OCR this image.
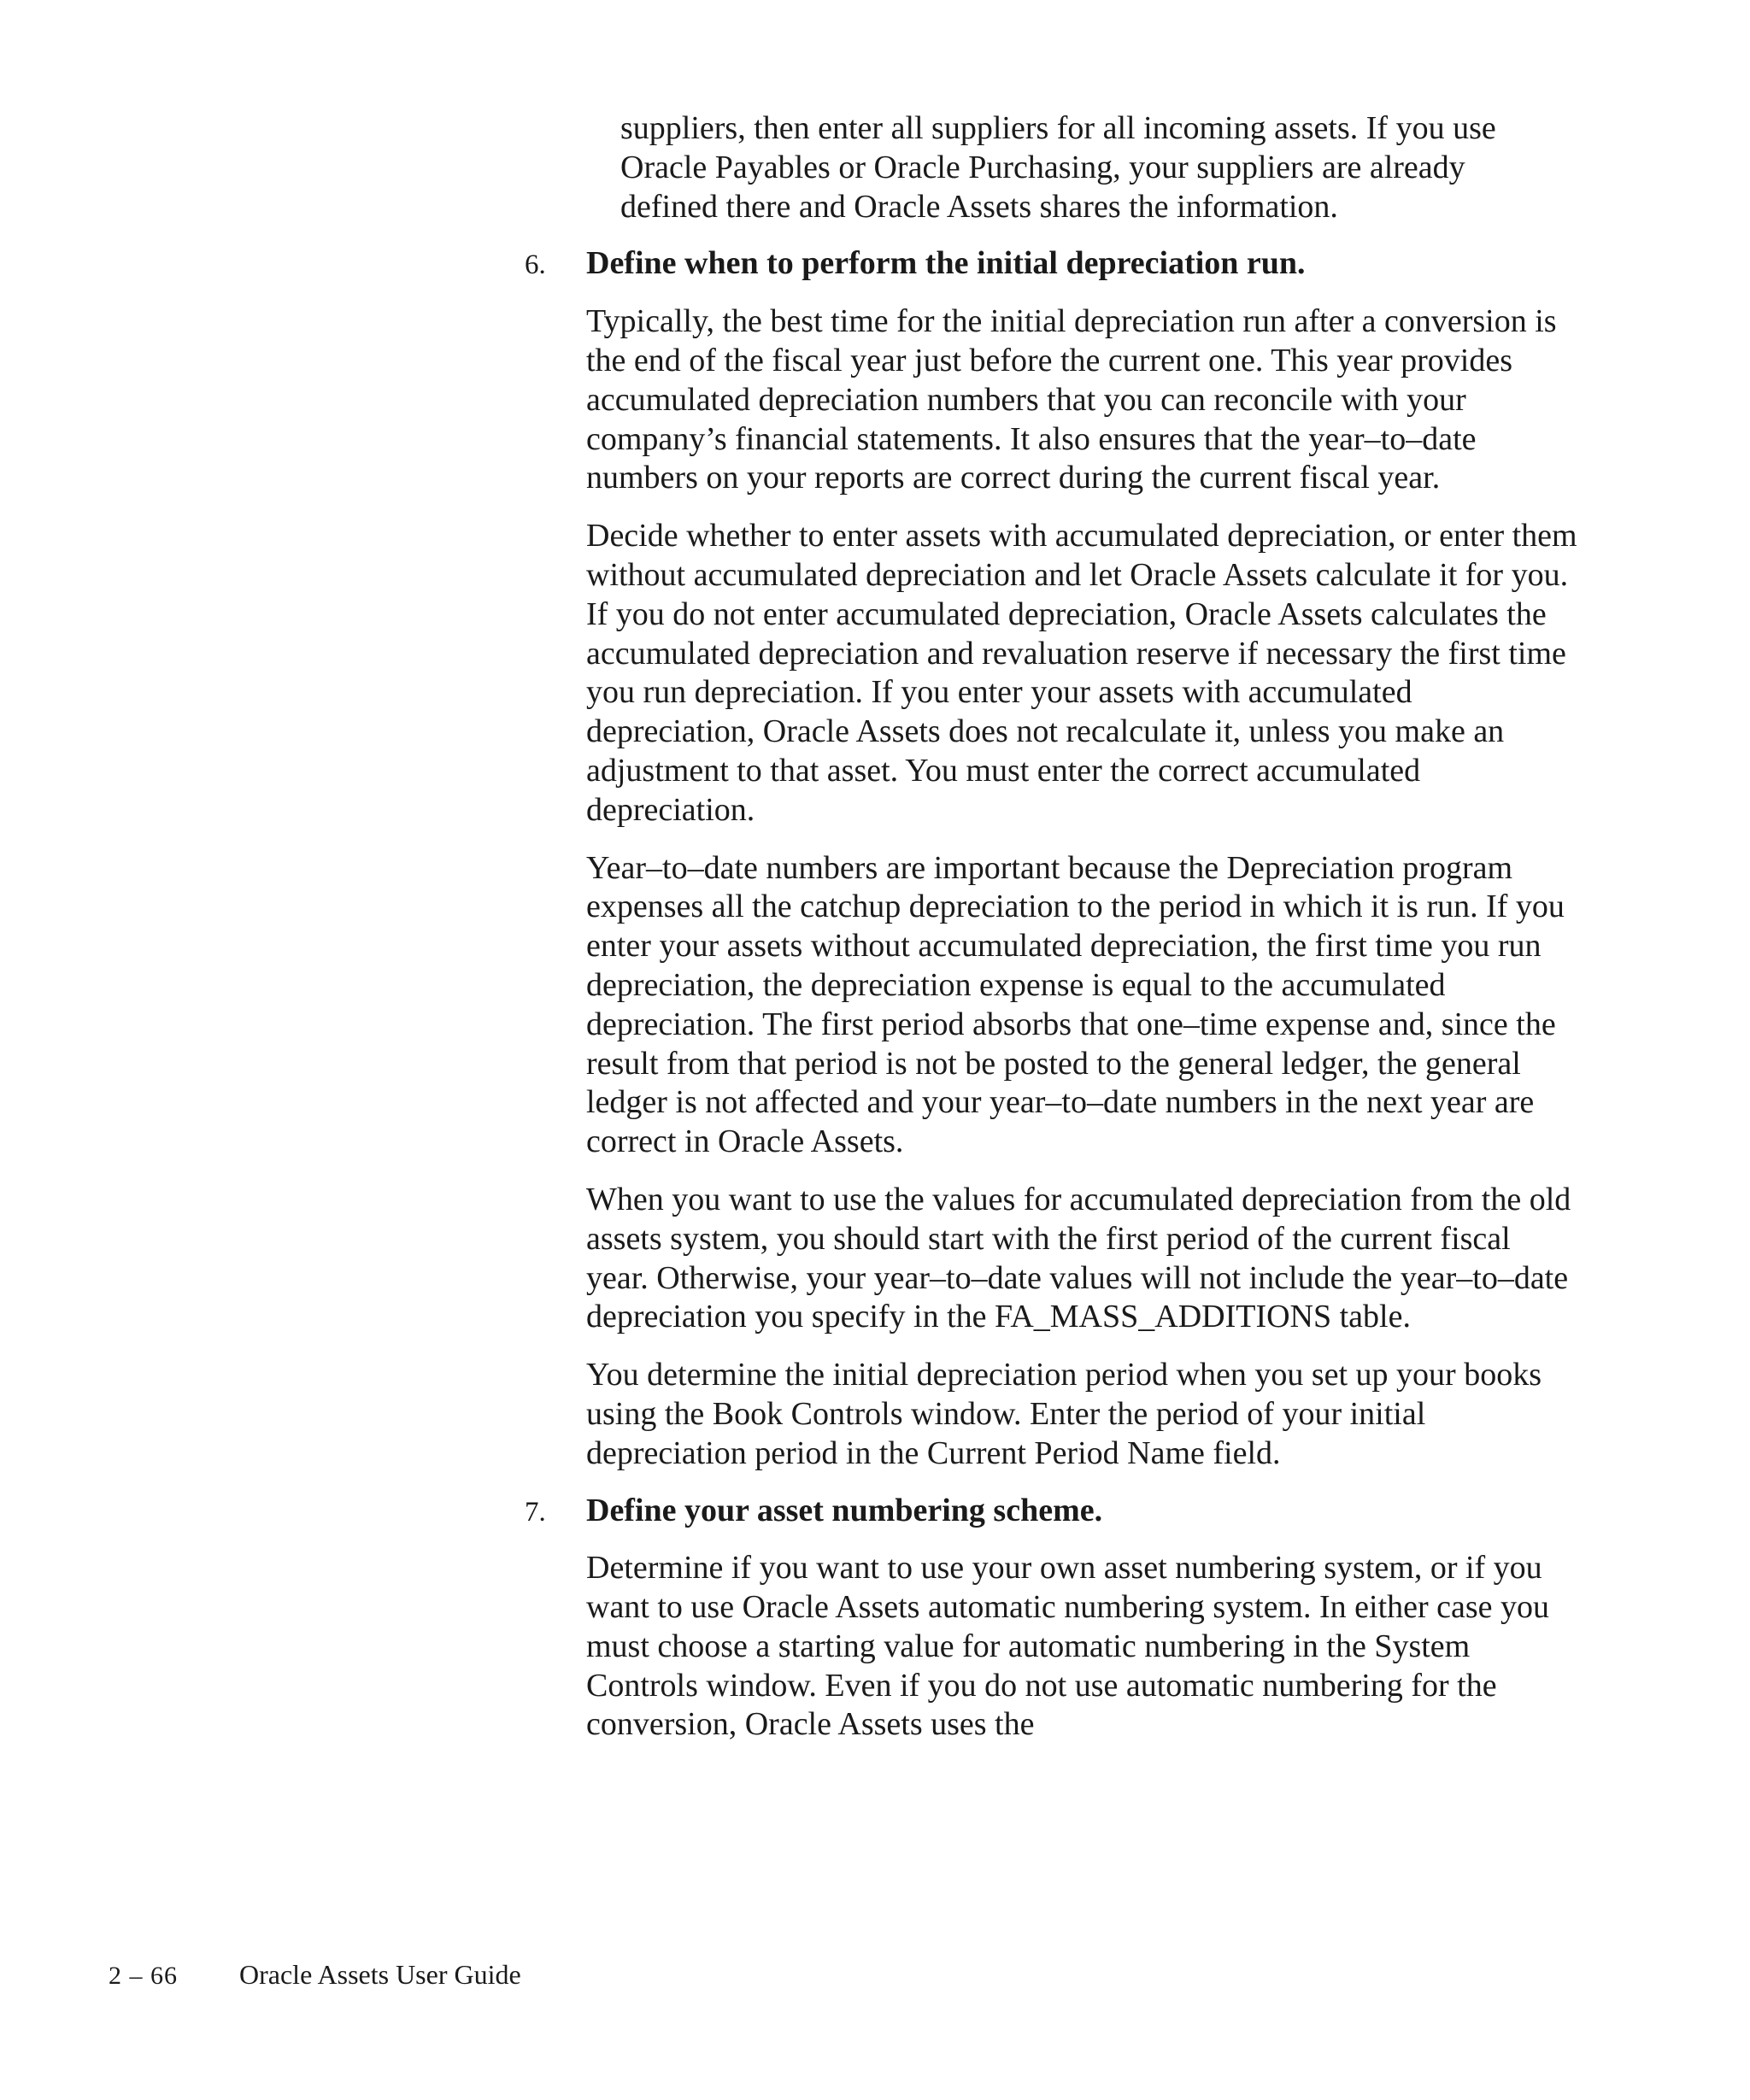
suppliers, then enter all suppliers for all incoming assets. If you use Oracle Payables or Oracle Purchasing, your suppliers are already defined there and Oracle Assets shares the information.

6.	Define when to perform the initial depreciation run.

Typically, the best time for the initial depreciation run after a conversion is the end of the fiscal year just before the current one. This year provides accumulated depreciation numbers that you can reconcile with your company’s financial statements. It also ensures that the year–to–date numbers on your reports are correct during the current fiscal year.

Decide whether to enter assets with accumulated depreciation, or enter them without accumulated depreciation and let Oracle Assets calculate it for you. If you do not enter accumulated depreciation, Oracle Assets calculates the accumulated depreciation and revaluation reserve if necessary the first time you run depreciation. If you enter your assets with accumulated depreciation, Oracle Assets does not recalculate it, unless you make an adjustment to that asset. You must enter the correct accumulated depreciation.

Year–to–date numbers are important because the Depreciation program expenses all the catchup depreciation to the period in which it is run. If you enter your assets without accumulated depreciation, the first time you run depreciation, the depreciation expense is equal to the accumulated depreciation. The first period absorbs that one–time expense and, since the result from that period is not be posted to the general ledger, the general ledger is not affected and your year–to–date numbers in the next year are correct in Oracle Assets.

When you want to use the values for accumulated depreciation from the old assets system, you should start with the first period of the current fiscal year. Otherwise, your year–to–date values will not include the year–to–date depreciation you specify in the FA_MASS_ADDITIONS table.

You determine the initial depreciation period when you set up your books using the Book Controls window. Enter the period of your initial depreciation period in the Current Period Name field.

7.	Define your asset numbering scheme.

Determine if you want to use your own asset numbering system, or if you want to use Oracle Assets automatic numbering system. In either case you must choose a starting value for automatic numbering in the System Controls window. Even if you do not use automatic numbering for the conversion, Oracle Assets uses the

2 – 66	Oracle Assets User Guide
